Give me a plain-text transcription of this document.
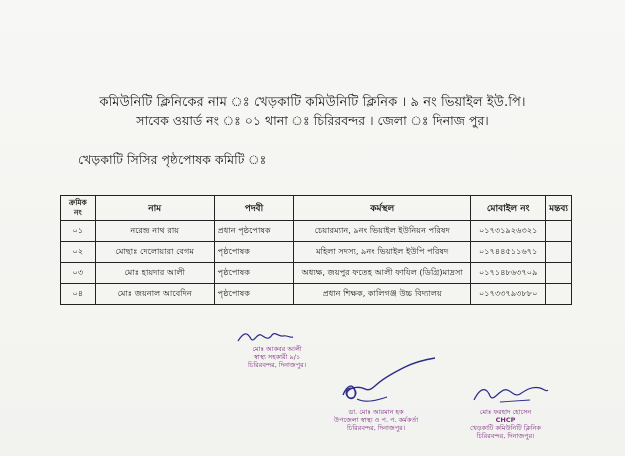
কমিউনিটি ক্লিনিকের নাম ঃ খেড়কাটি কমিউনিটি ক্লিনিক । ৯ নং ভিয়াইল ইউ.পি।
সাবেক ওয়ার্ড নং ঃ ০১ থানা ঃ চিরিরবন্দর । জেলা ঃ দিনাজ পুর।
খেড়কাটি সিসির পৃষ্ঠপোষক কমিটি ঃ
ক্রমিক
নং	নাম	পদবী	কর্মস্থল	মোবাইল নং	মন্তব্য
০১	নরেন্দ্র নাথ রায়	প্রধান পৃষ্ঠপোষক	চেয়ারম্যান, ৯নং ভিয়াইল ইউনিয়ন পরিষদ	০১৭৩১৯২৬৩২১	
০২	মোছাঃ দেলোয়ারা বেগম	পৃষ্ঠপোষক	মহিলা সদস্য, ৯নং ভিয়াইল ইউপি পরিষদ	০১৭৪৪৫১১৬৭১	
০৩	মোঃ হায়দার আলী	পৃষ্ঠপোষক	অধ্যক্ষ, জয়পুর ফতেহ আলী ফাযিল (ডিগ্রি)মাদ্রসা	০১৭১৪৮৬৩৭০৯	
০৪	মোঃ জয়নাল আবেদিন	পৃষ্ঠপোষক	প্রধান শিক্ষক, কালিগঞ্জ উচ্চ বিদ্যালয়	০১৭৩৩৭৯৩৮৮০	
মোঃ আকবর আলী
স্বাস্থ্য সহকারী ৯/১
চিরিরবন্দর, দিনাজপুর।
ডা. মোঃ আরমান হক
উপজেলা স্বাস্থ্য ও প. প. কর্মকর্তা
চিরিরবন্দর, দিনাজপুর।
মোঃ ফরহাদ হোসেন
CHCP
খেড়কাটি কমিউনিটি ক্লিনিক
চিরিরবন্দর, দিনাজপুর।
